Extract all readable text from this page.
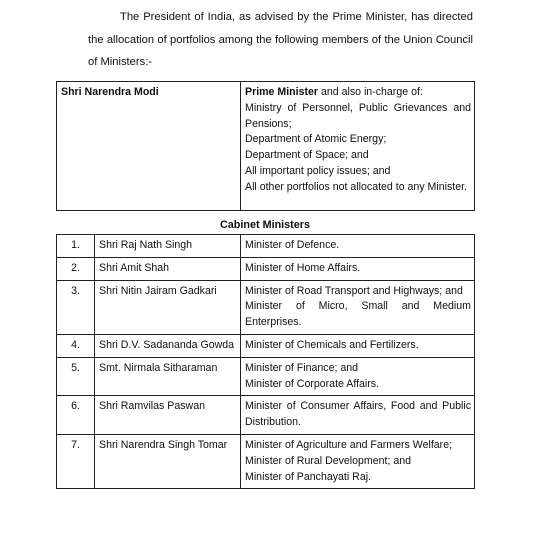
The President of India, as advised by the Prime Minister, has directed the allocation of portfolios among the following members of the Union Council of Ministers:-
Shri Narendra Modi	Prime Minister and also in-charge of:
Ministry of Personnel, Public Grievances and Pensions;
Department of Atomic Energy;
Department of Space; and
All important policy issues; and
All other portfolios not allocated to any Minister.
Cabinet Ministers
1.	Shri Raj Nath Singh	Minister of Defence.

2.	Shri Amit Shah	Minister of Home Affairs.

3.	Shri Nitin Jairam Gadkari	Minister of Road Transport and Highways; and
Minister of Micro, Small and Medium Enterprises.

4.	Shri D.V. Sadananda Gowda	Minister of Chemicals and Fertilizers.

5.	Smt. Nirmala Sitharaman	Minister of Finance; and
Minister of Corporate Affairs.

6.	Shri Ramvilas Paswan	Minister of Consumer Affairs, Food and Public Distribution.

7.	Shri Narendra Singh Tomar	Minister of Agriculture and Farmers Welfare;
Minister of Rural Development; and
Minister of Panchayati Raj.
